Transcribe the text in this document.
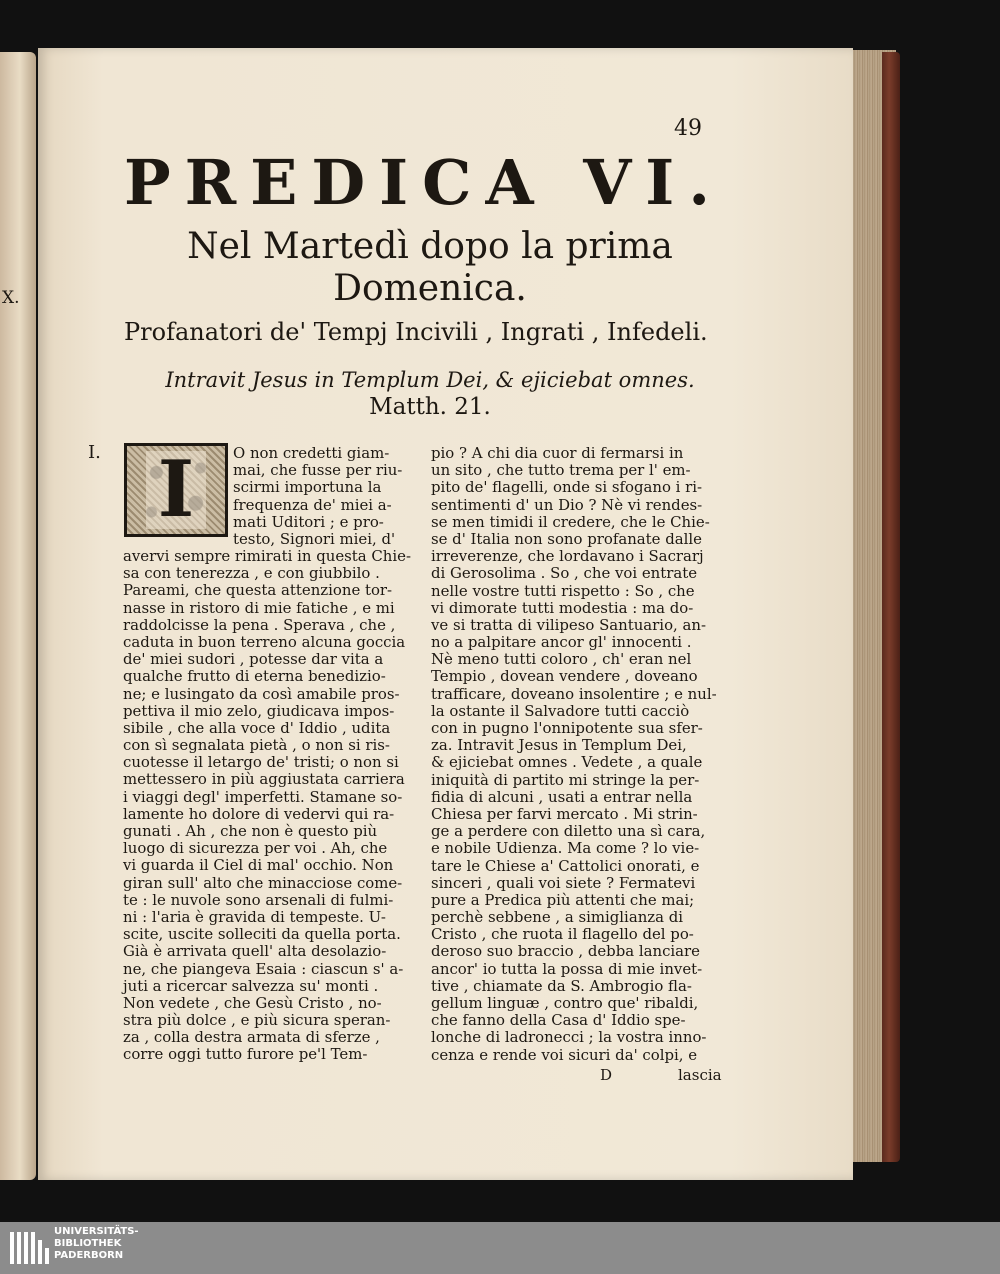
X.
49
PREDICA VI.
Nel Martedì dopo la prima
Domenica.
Profanatori de' Tempj Incivili , Ingrati , Infedeli.
Intravit Jesus in Templum Dei, & ejiciebat omnes.
Matth. 21.
I. I	O non credetti giam-
mai, che fusse per riu-
scirmi importuna la
frequenza de' miei a-
mati Uditori ; e pro-
testo, Signori miei, d'
avervi sempre rimirati in questa Chie-
sa con tenerezza , e con giubbilo .
Pareami, che questa attenzione tor-
nasse in ristoro di mie fatiche , e mi
raddolcisse la pena . Sperava , che ,
caduta in buon terreno alcuna goccia
de' miei sudori , potesse dar vita a
qualche frutto di eterna benedizio-
ne; e lusingato da così amabile pros-
pettiva il mio zelo, giudicava impos-
sibile , che alla voce d' Iddio , udita
con sì segnalata pietà , o non si ris-
cuotesse il letargo de' tristi; o non si
mettessero in più aggiustata carriera
i viaggi degl' imperfetti. Stamane so-
lamente ho dolore di vedervi qui ra-
gunati . Ah , che non è questo più
luogo di sicurezza per voi . Ah, che
vi guarda il Ciel di mal' occhio. Non
giran sull' alto che minacciose come-
te : le nuvole sono arsenali di fulmi-
ni : l'aria è gravida di tempeste. U-
scite, uscite solleciti da quella porta.
Già è arrivata quell' alta desolazio-
ne, che piangeva Esaia : ciascun s' a-
juti a ricercar salvezza su' monti .
Non vedete , che Gesù Cristo , no-
stra più dolce , e più sicura speran-
za , colla destra armata di sferze ,
corre oggi tutto furore pe'l Tem-
pio ? A chi dia cuor di fermarsi in
un sito , che tutto trema per l' em-
pito de' flagelli, onde si sfogano i ri-
sentimenti d' un Dio ? Nè vi rendes-
se men timidi il credere, che le Chie-
se d' Italia non sono profanate dalle
irreverenze, che lordavano i Sacrarj
di Gerosolima . So , che voi entrate
nelle vostre tutti rispetto : So , che
vi dimorate tutti modestia : ma do-
ve si tratta di vilipeso Santuario, an-
no a palpitare ancor gl' innocenti .
Nè meno tutti coloro , ch' eran nel
Tempio , dovean vendere , doveano
trafficare, doveano insolentire ; e nul-
la ostante il Salvadore tutti cacciò
con in pugno l'onnipotente sua sfer-
za. Intravit Jesus in Templum Dei,
& ejiciebat omnes . Vedete , a quale
iniquità di partito mi stringe la per-
fidia di alcuni , usati a entrar nella
Chiesa per farvi mercato . Mi strin-
ge a perdere con diletto una sì cara,
e nobile Udienza. Ma come ? lo vie-
tare le Chiese a' Cattolici onorati, e
sinceri , quali voi siete ? Fermatevi
pure a Predica più attenti che mai;
perchè sebbene , a simiglianza di
Cristo , che ruota il flagello del po-
deroso suo braccio , debba lanciare
ancor' io tutta la possa di mie invet-
tive , chiamate da S. Ambrogio fla-
gellum linguæ , contro que' ribaldi,
che fanno della Casa d' Iddio spe-
lonche di ladronecci ; la vostra inno-
cenza e rende voi sicuri da' colpi, e
D	lascia
UNIVERSITÄTS-
BIBLIOTHEK
PADERBORN
